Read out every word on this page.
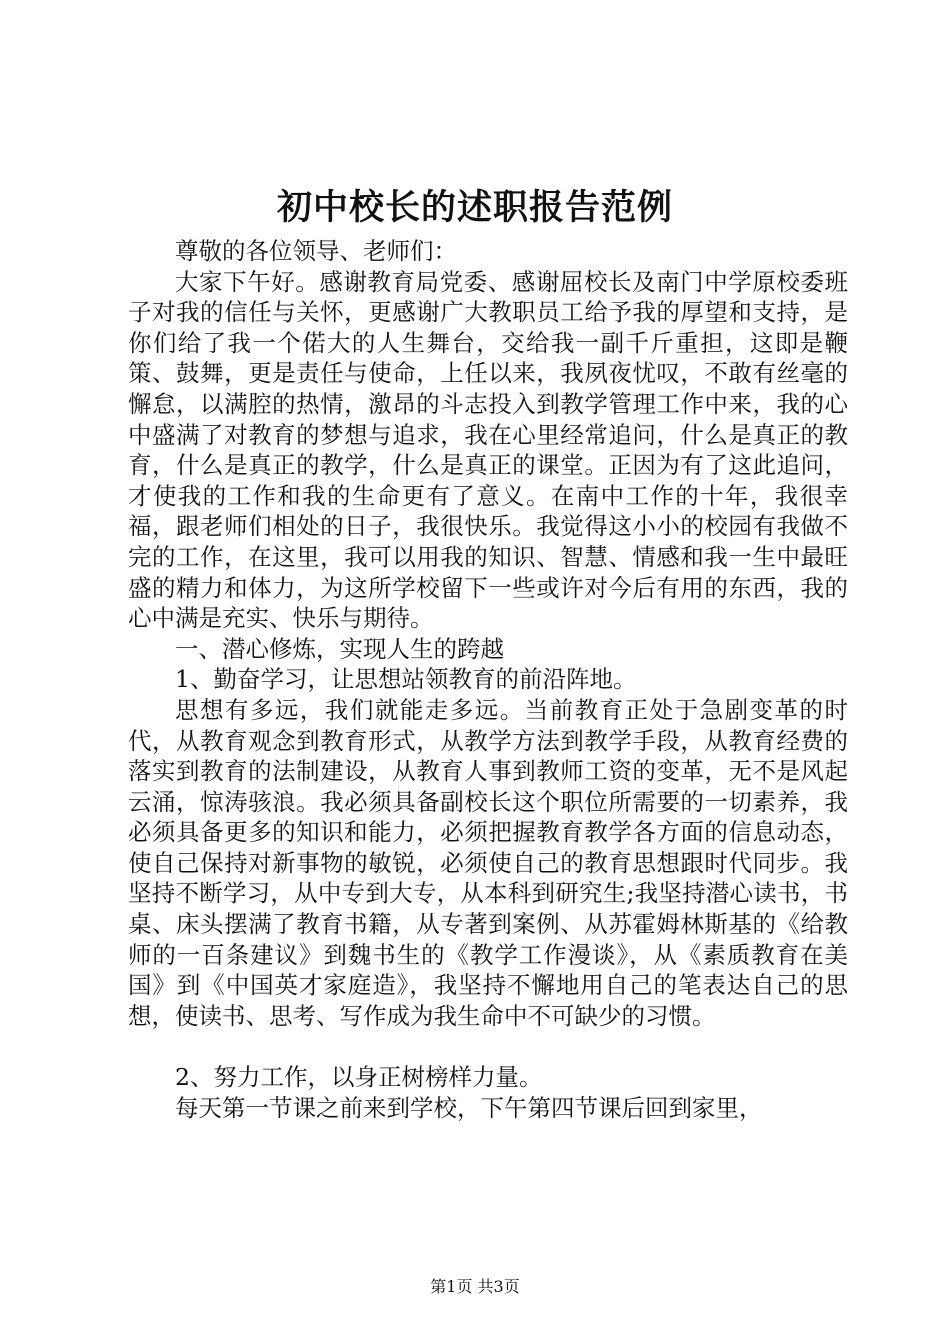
初中校长的述职报告范例

尊敬的各位领导、老师们：

大家下午好。感谢教育局党委、感谢屈校长及南门中学原校委班子对我的信任与关怀，更感谢广大教职员工给予我的厚望和支持，是你们给了我一个偌大的人生舞台，交给我一副千斤重担，这即是鞭策、鼓舞，更是责任与使命，上任以来，我夙夜忧叹，不敢有丝毫的懈怠，以满腔的热情，激昂的斗志投入到教学管理工作中来，我的心中盛满了对教育的梦想与追求，我在心里经常追问，什么是真正的教育，什么是真正的教学，什么是真正的课堂。正因为有了这此追问，才使我的工作和我的生命更有了意义。在南中工作的十年，我很幸福，跟老师们相处的日子，我很快乐。我觉得这小小的校园有我做不完的工作，在这里，我可以用我的知识、智慧、情感和我一生中最旺盛的精力和体力，为这所学校留下一些或许对今后有用的东西，我的心中满是充实、快乐与期待。

一、潜心修炼，实现人生的跨越

1、勤奋学习，让思想站领教育的前沿阵地。

思想有多远，我们就能走多远。当前教育正处于急剧变革的时代，从教育观念到教育形式，从教学方法到教学手段，从教育经费的落实到教育的法制建设，从教育人事到教师工资的变革，无不是风起云涌，惊涛骇浪。我必须具备副校长这个职位所需要的一切素养，我必须具备更多的知识和能力，必须把握教育教学各方面的信息动态，使自己保持对新事物的敏锐，必须使自己的教育思想跟时代同步。我坚持不断学习，从中专到大专，从本科到研究生;我坚持潜心读书，书桌、床头摆满了教育书籍，从专著到案例、从苏霍姆林斯基的《给教师的一百条建议》到魏书生的《教学工作漫谈》，从《素质教育在美国》到《中国英才家庭造》，我坚持不懈地用自己的笔表达自己的思想，使读书、思考、写作成为我生命中不可缺少的习惯。

2、努力工作，以身正树榜样力量。

每天第一节课之前来到学校，下午第四节课后回到家里，

第1页 共3页
